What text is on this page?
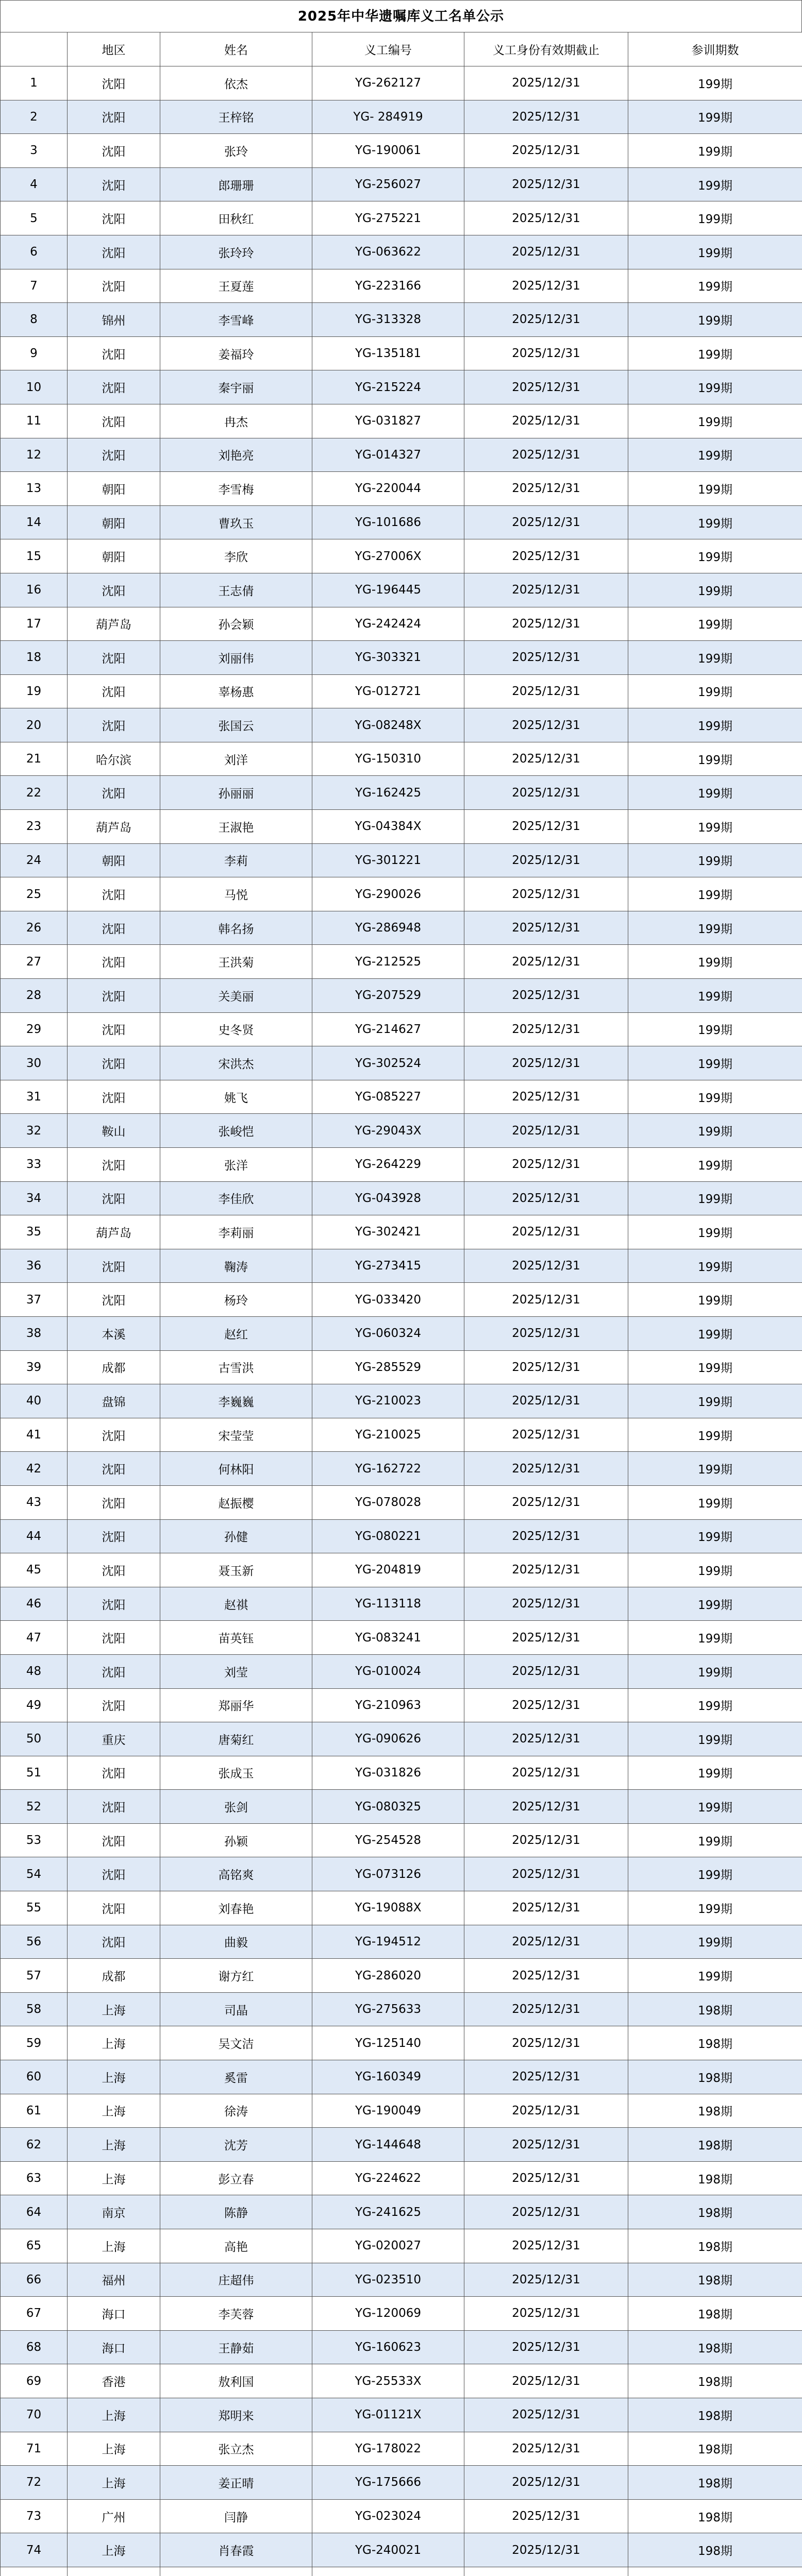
2025年中华遗嘱库义工名单公示
	地区	姓名	义工编号	义工身份有效期截止	参训期数
1	沈阳	依杰	YG-262127	2025/12/31	199期
2	沈阳	王梓铭	YG- 284919	2025/12/31	199期
3	沈阳	张玲	YG-190061	2025/12/31	199期
4	沈阳	郎珊珊	YG-256027	2025/12/31	199期
5	沈阳	田秋红	YG-275221	2025/12/31	199期
6	沈阳	张玲玲	YG-063622	2025/12/31	199期
7	沈阳	王夏莲	YG-223166	2025/12/31	199期
8	锦州	李雪峰	YG-313328	2025/12/31	199期
9	沈阳	姜福玲	YG-135181	2025/12/31	199期
10	沈阳	秦宇丽	YG-215224	2025/12/31	199期
11	沈阳	冉杰	YG-031827	2025/12/31	199期
12	沈阳	刘艳亮	YG-014327	2025/12/31	199期
13	朝阳	李雪梅	YG-220044	2025/12/31	199期
14	朝阳	曹玖玉	YG-101686	2025/12/31	199期
15	朝阳	李欣	YG-27006X	2025/12/31	199期
16	沈阳	王志倩	YG-196445	2025/12/31	199期
17	葫芦岛	孙会颖	YG-242424	2025/12/31	199期
18	沈阳	刘丽伟	YG-303321	2025/12/31	199期
19	沈阳	辜杨惠	YG-012721	2025/12/31	199期
20	沈阳	张国云	YG-08248X	2025/12/31	199期
21	哈尔滨	刘洋	YG-150310	2025/12/31	199期
22	沈阳	孙丽丽	YG-162425	2025/12/31	199期
23	葫芦岛	王淑艳	YG-04384X	2025/12/31	199期
24	朝阳	李莉	YG-301221	2025/12/31	199期
25	沈阳	马悦	YG-290026	2025/12/31	199期
26	沈阳	韩名扬	YG-286948	2025/12/31	199期
27	沈阳	王洪菊	YG-212525	2025/12/31	199期
28	沈阳	关美丽	YG-207529	2025/12/31	199期
29	沈阳	史冬贤	YG-214627	2025/12/31	199期
30	沈阳	宋洪杰	YG-302524	2025/12/31	199期
31	沈阳	姚飞	YG-085227	2025/12/31	199期
32	鞍山	张峻恺	YG-29043X	2025/12/31	199期
33	沈阳	张洋	YG-264229	2025/12/31	199期
34	沈阳	李佳欣	YG-043928	2025/12/31	199期
35	葫芦岛	李莉丽	YG-302421	2025/12/31	199期
36	沈阳	鞠涛	YG-273415	2025/12/31	199期
37	沈阳	杨玲	YG-033420	2025/12/31	199期
38	本溪	赵红	YG-060324	2025/12/31	199期
39	成都	古雪洪	YG-285529	2025/12/31	199期
40	盘锦	李巍巍	YG-210023	2025/12/31	199期
41	沈阳	宋莹莹	YG-210025	2025/12/31	199期
42	沈阳	何林阳	YG-162722	2025/12/31	199期
43	沈阳	赵振樱	YG-078028	2025/12/31	199期
44	沈阳	孙健	YG-080221	2025/12/31	199期
45	沈阳	聂玉新	YG-204819	2025/12/31	199期
46	沈阳	赵祺	YG-113118	2025/12/31	199期
47	沈阳	苗英钰	YG-083241	2025/12/31	199期
48	沈阳	刘莹	YG-010024	2025/12/31	199期
49	沈阳	郑丽华	YG-210963	2025/12/31	199期
50	重庆	唐菊红	YG-090626	2025/12/31	199期
51	沈阳	张成玉	YG-031826	2025/12/31	199期
52	沈阳	张剑	YG-080325	2025/12/31	199期
53	沈阳	孙颖	YG-254528	2025/12/31	199期
54	沈阳	高铭爽	YG-073126	2025/12/31	199期
55	沈阳	刘春艳	YG-19088X	2025/12/31	199期
56	沈阳	曲毅	YG-194512	2025/12/31	199期
57	成都	谢方红	YG-286020	2025/12/31	199期
58	上海	司晶	YG-275633	2025/12/31	198期
59	上海	吴文洁	YG-125140	2025/12/31	198期
60	上海	奚雷	YG-160349	2025/12/31	198期
61	上海	徐涛	YG-190049	2025/12/31	198期
62	上海	沈芳	YG-144648	2025/12/31	198期
63	上海	彭立春	YG-224622	2025/12/31	198期
64	南京	陈静	YG-241625	2025/12/31	198期
65	上海	高艳	YG-020027	2025/12/31	198期
66	福州	庄超伟	YG-023510	2025/12/31	198期
67	海口	李芙蓉	YG-120069	2025/12/31	198期
68	海口	王静茹	YG-160623	2025/12/31	198期
69	香港	敖利国	YG-25533X	2025/12/31	198期
70	上海	郑明来	YG-01121X	2025/12/31	198期
71	上海	张立杰	YG-178022	2025/12/31	198期
72	上海	姜正晴	YG-175666	2025/12/31	198期
73	广州	闫静	YG-023024	2025/12/31	198期
74	上海	肖春霞	YG-240021	2025/12/31	198期
